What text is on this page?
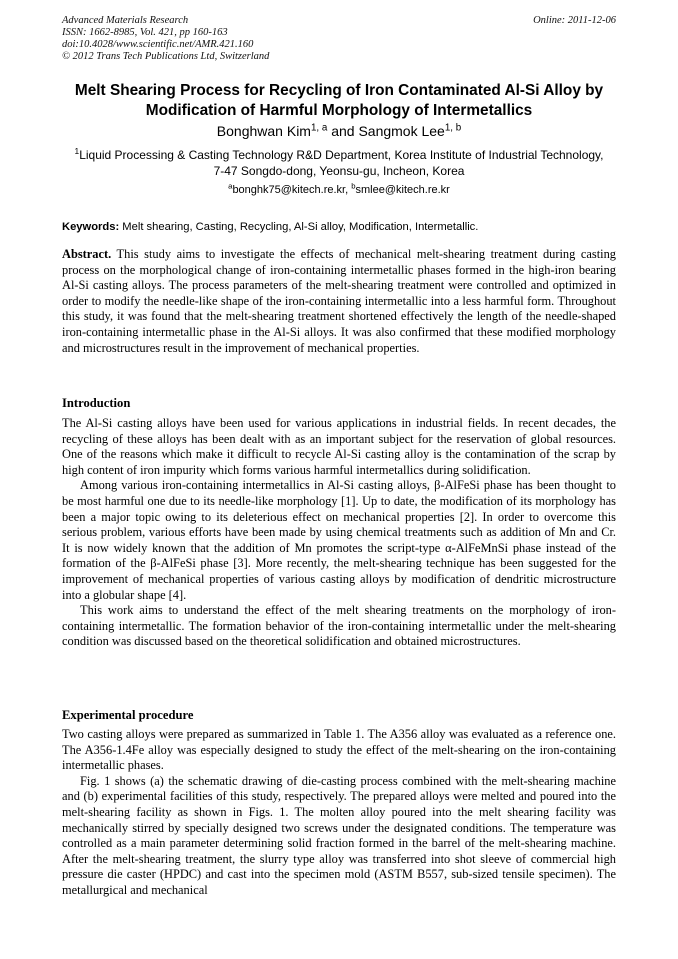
Advanced Materials Research
ISSN: 1662-8985, Vol. 421, pp 160-163
doi:10.4028/www.scientific.net/AMR.421.160
© 2012 Trans Tech Publications Ltd, Switzerland
Online: 2011-12-06
Melt Shearing Process for Recycling of Iron Contaminated Al-Si Alloy by Modification of Harmful Morphology of Intermetallics
Bonghwan Kim$^{1, a}$ and Sangmok Lee$^{1, b}$
$^1$Liquid Processing & Casting Technology R&D Department, Korea Institute of Industrial Technology,
7-47 Songdo-dong, Yeonsu-gu, Incheon, Korea
$^a$bonghk75@kitech.re.kr, $^b$smlee@kitech.re.kr
Keywords: Melt shearing, Casting, Recycling, Al-Si alloy, Modification, Intermetallic.
Abstract. This study aims to investigate the effects of mechanical melt-shearing treatment during casting process on the morphological change of iron-containing intermetallic phases formed in the high-iron bearing Al-Si casting alloys. The process parameters of the melt-shearing treatment were controlled and optimized in order to modify the needle-like shape of the iron-containing intermetallic into a less harmful form. Throughout this study, it was found that the melt-shearing treatment shortened effectively the length of the needle-shaped iron-containing intermetallic phase in the Al-Si alloys. It was also confirmed that these modified morphology and microstructures result in the improvement of mechanical properties.
Introduction

The Al-Si casting alloys have been used for various applications in industrial fields. In recent decades, the recycling of these alloys has been dealt with as an important subject for the reservation of global resources. One of the reasons which make it difficult to recycle Al-Si casting alloy is the contamination of the scrap by high content of iron impurity which forms various harmful intermetallics during solidification.

Among various iron-containing intermetallics in Al-Si casting alloys, β-AlFeSi phase has been thought to be most harmful one due to its needle-like morphology [1]. Up to date, the modification of its morphology has been a major topic owing to its deleterious effect on mechanical properties [2]. In order to overcome this serious problem, various efforts have been made by using chemical treatments such as addition of Mn and Cr. It is now widely known that the addition of Mn promotes the script-type α-AlFeMnSi phase instead of the formation of the β-AlFeSi phase [3]. More recently, the melt-shearing technique has been suggested for the improvement of mechanical properties of various casting alloys by modification of dendritic microstructure into a globular shape [4].

This work aims to understand the effect of the melt shearing treatments on the morphology of iron-containing intermetallic. The formation behavior of the iron-containing intermetallic under the melt-shearing condition was discussed based on the theoretical solidification and obtained microstructures.

Experimental procedure

Two casting alloys were prepared as summarized in Table 1. The A356 alloy was evaluated as a reference one. The A356-1.4Fe alloy was especially designed to study the effect of the melt-shearing on the iron-containing intermetallic phases.

Fig. 1 shows (a) the schematic drawing of die-casting process combined with the melt-shearing machine and (b) experimental facilities of this study, respectively. The prepared alloys were melted and poured into the melt-shearing facility as shown in Figs. 1. The molten alloy poured into the melt shearing facility was mechanically stirred by specially designed two screws under the designated conditions. The temperature was controlled as a main parameter determining solid fraction formed in the barrel of the melt-shearing machine. After the melt-shearing treatment, the slurry type alloy was transferred into shot sleeve of commercial high pressure die caster (HPDC) and cast into the specimen mold (ASTM B557, sub-sized tensile specimen). The metallurgical and mechanical
